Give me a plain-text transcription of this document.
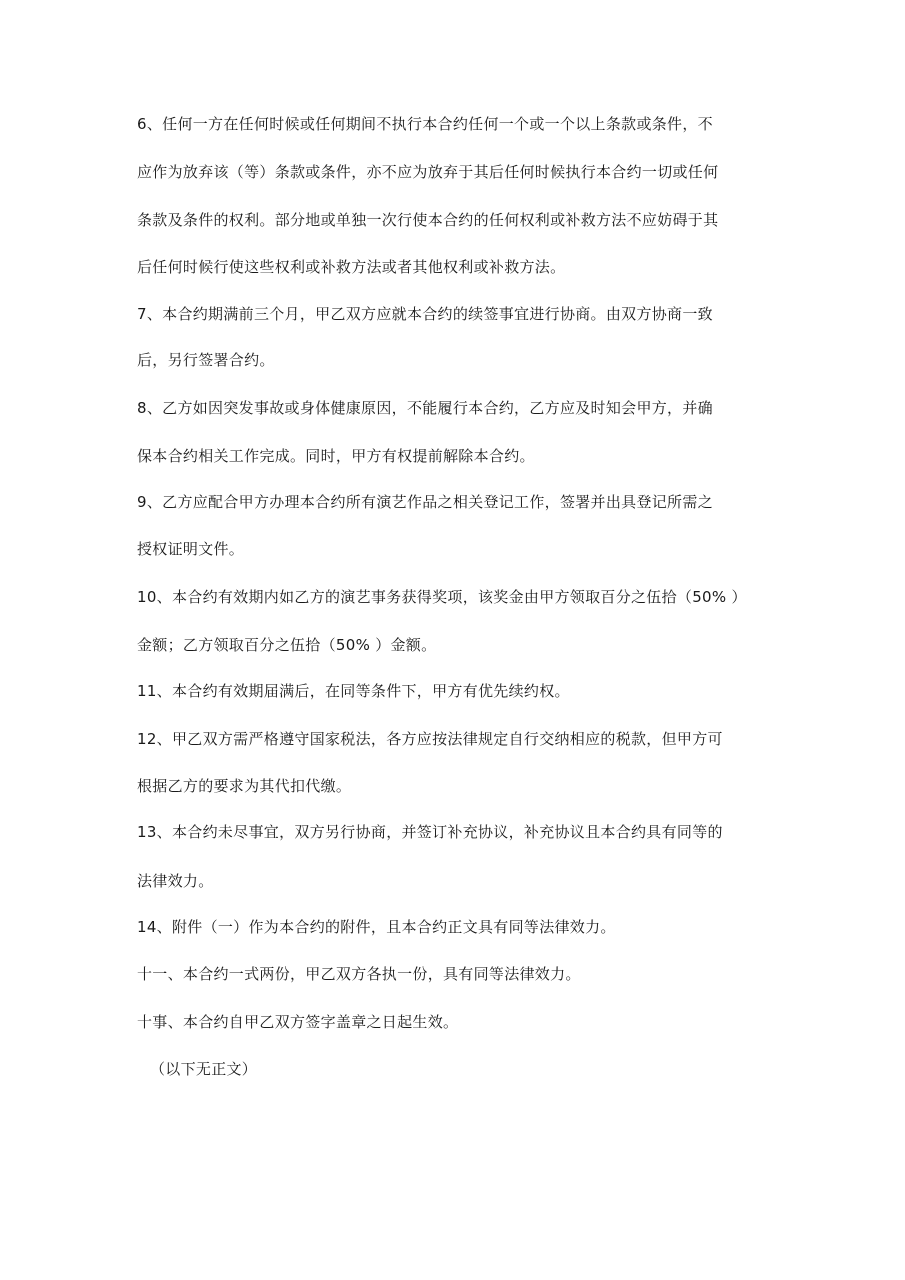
6、任何一方在任何时候或任何期间不执行本合约任何一个或一个以上条款或条件，不

应作为放弃该（等）条款或条件，亦不应为放弃于其后任何时候执行本合约一切或任何

条款及条件的权利。部分地或单独一次行使本合约的任何权利或补救方法不应妨碍于其

后任何时候行使这些权利或补救方法或者其他权利或补救方法。

7、本合约期满前三个月，甲乙双方应就本合约的续签事宜进行协商。由双方协商一致

后，另行签署合约。

8、乙方如因突发事故或身体健康原因，不能履行本合约，乙方应及时知会甲方，并确

保本合约相关工作完成。同时，甲方有权提前解除本合约。

9、乙方应配合甲方办理本合约所有演艺作品之相关登记工作，签署并出具登记所需之

授权证明文件。

10、本合约有效期内如乙方的演艺事务获得奖项，该奖金由甲方领取百分之伍拾（50% ）

金额；乙方领取百分之伍拾（50% ）金额。

11、本合约有效期届满后，在同等条件下，甲方有优先续约权。

12、甲乙双方需严格遵守国家税法，各方应按法律规定自行交纳相应的税款，但甲方可

根据乙方的要求为其代扣代缴。

13、本合约未尽事宜，双方另行协商，并签订补充协议，补充协议且本合约具有同等的

法律效力。

14、附件（一）作为本合约的附件，且本合约正文具有同等法律效力。

十一、本合约一式两份，甲乙双方各执一份，具有同等法律效力。

十事、本合约自甲乙双方签字盖章之日起生效。

（以下无正文）
